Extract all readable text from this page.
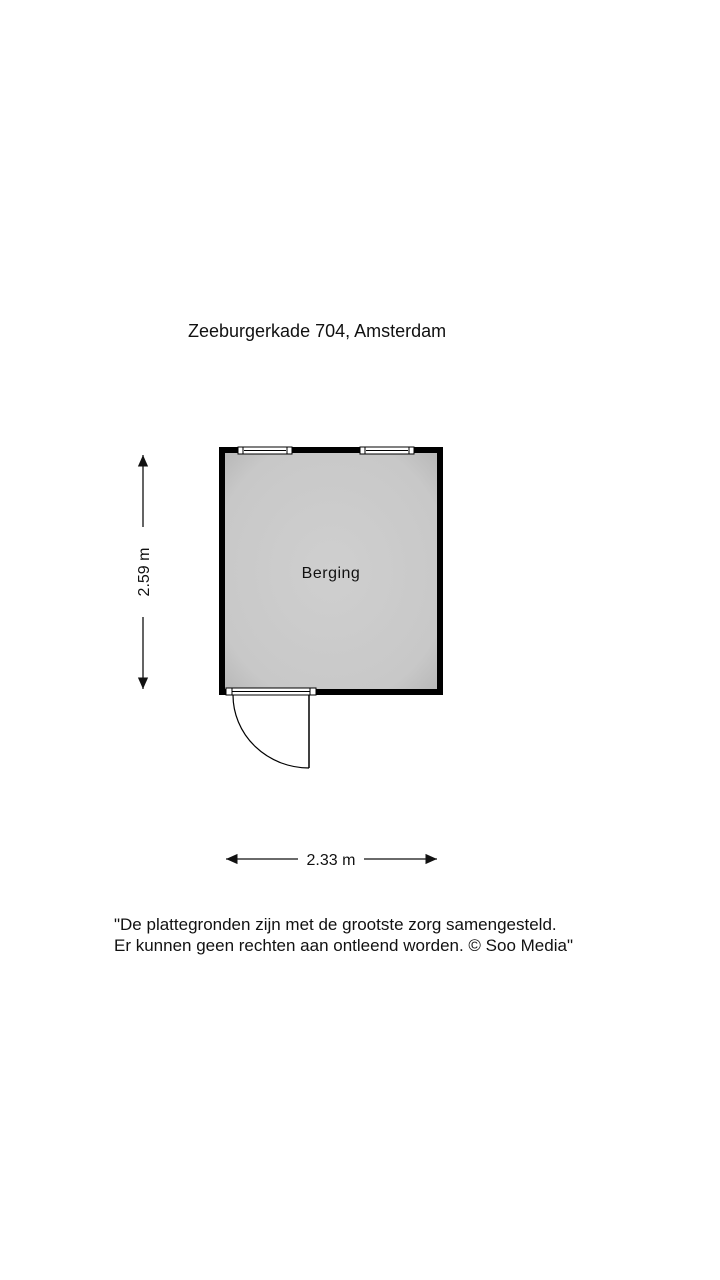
Zeeburgerkade 704, Amsterdam
Berging
2.59 m
2.33 m
"De plattegronden zijn met de grootste zorg samengesteld.
Er kunnen geen rechten aan ontleend worden. © Soo Media"
